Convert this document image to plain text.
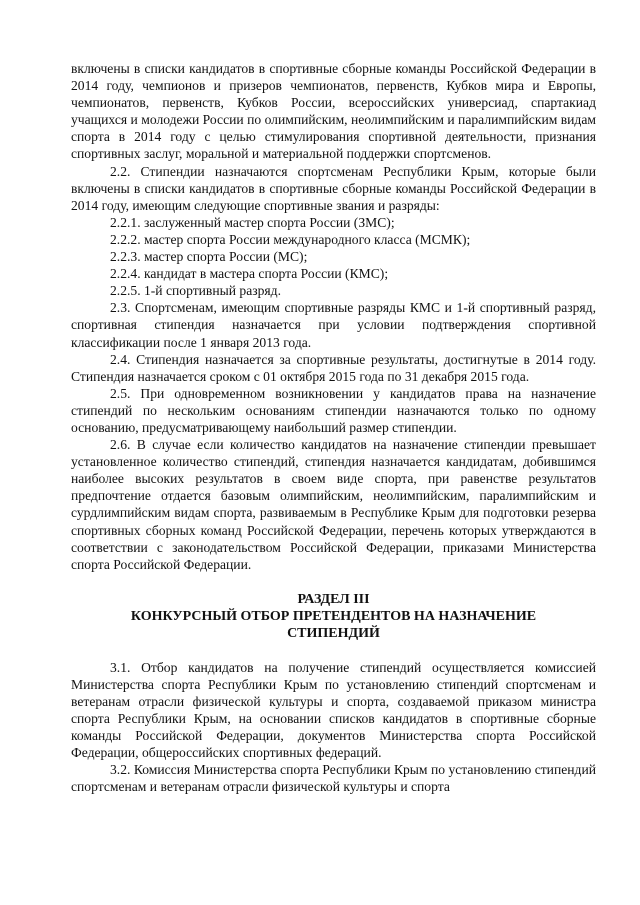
включены в списки кандидатов в спортивные сборные команды Российской Федерации в 2014 году, чемпионов и призеров чемпионатов, первенств, Кубков мира и Европы, чемпионатов, первенств, Кубков России, всероссийских универсиад, спартакиад учащихся и молодежи России по олимпийским, неолимпийским и паралимпийским видам спорта в 2014 году с целью стимулирования спортивной деятельности, признания спортивных заслуг, моральной и материальной поддержки спортсменов.

2.2. Стипендии назначаются спортсменам Республики Крым, которые были включены в списки кандидатов в спортивные сборные команды Российской Федерации в 2014 году, имеющим следующие спортивные звания и разряды:

2.2.1. заслуженный мастер спорта России (ЗМС);

2.2.2. мастер спорта России международного класса (МСМК);

2.2.3. мастер спорта России (МС);

2.2.4. кандидат в мастера спорта России (КМС);

2.2.5. 1-й спортивный разряд.

2.3. Спортсменам, имеющим спортивные разряды КМС и 1-й спортивный разряд, спортивная стипендия назначается при условии подтверждения спортивной классификации после 1 января 2013 года.

2.4. Стипендия назначается за спортивные результаты, достигнутые в 2014 году. Стипендия назначается сроком с 01 октября 2015 года по 31 декабря 2015 года.

2.5. При одновременном возникновении у кандидатов права на назначение стипендий по нескольким основаниям стипендии назначаются только по одному основанию, предусматривающему наибольший размер стипендии.

2.6. В случае если количество кандидатов на назначение стипендии превышает установленное количество стипендий, стипендия назначается кандидатам, добившимся наиболее высоких результатов в своем виде спорта, при равенстве результатов предпочтение отдается базовым олимпийским, неолимпийским, паралимпийским и сурдлимпийским видам спорта, развиваемым в Республике Крым для подготовки резерва спортивных сборных команд Российской Федерации, перечень которых утверждаются в соответствии с законодательством Российской Федерации, приказами Министерства спорта Российской Федерации.

РАЗДЕЛ III

КОНКУРСНЫЙ ОТБОР ПРЕТЕНДЕНТОВ НА НАЗНАЧЕНИЕ

СТИПЕНДИЙ

3.1. Отбор кандидатов на получение стипендий осуществляется комиссией Министерства спорта Республики Крым по установлению стипендий спортсменам и ветеранам отрасли физической культуры и спорта, создаваемой приказом министра спорта Республики Крым, на основании списков кандидатов в спортивные сборные команды Российской Федерации, документов Министерства спорта Российской Федерации, общероссийских спортивных федераций.

3.2. Комиссия Министерства спорта Республики Крым по установлению стипендий спортсменам и ветеранам отрасли физической культуры и спорта
